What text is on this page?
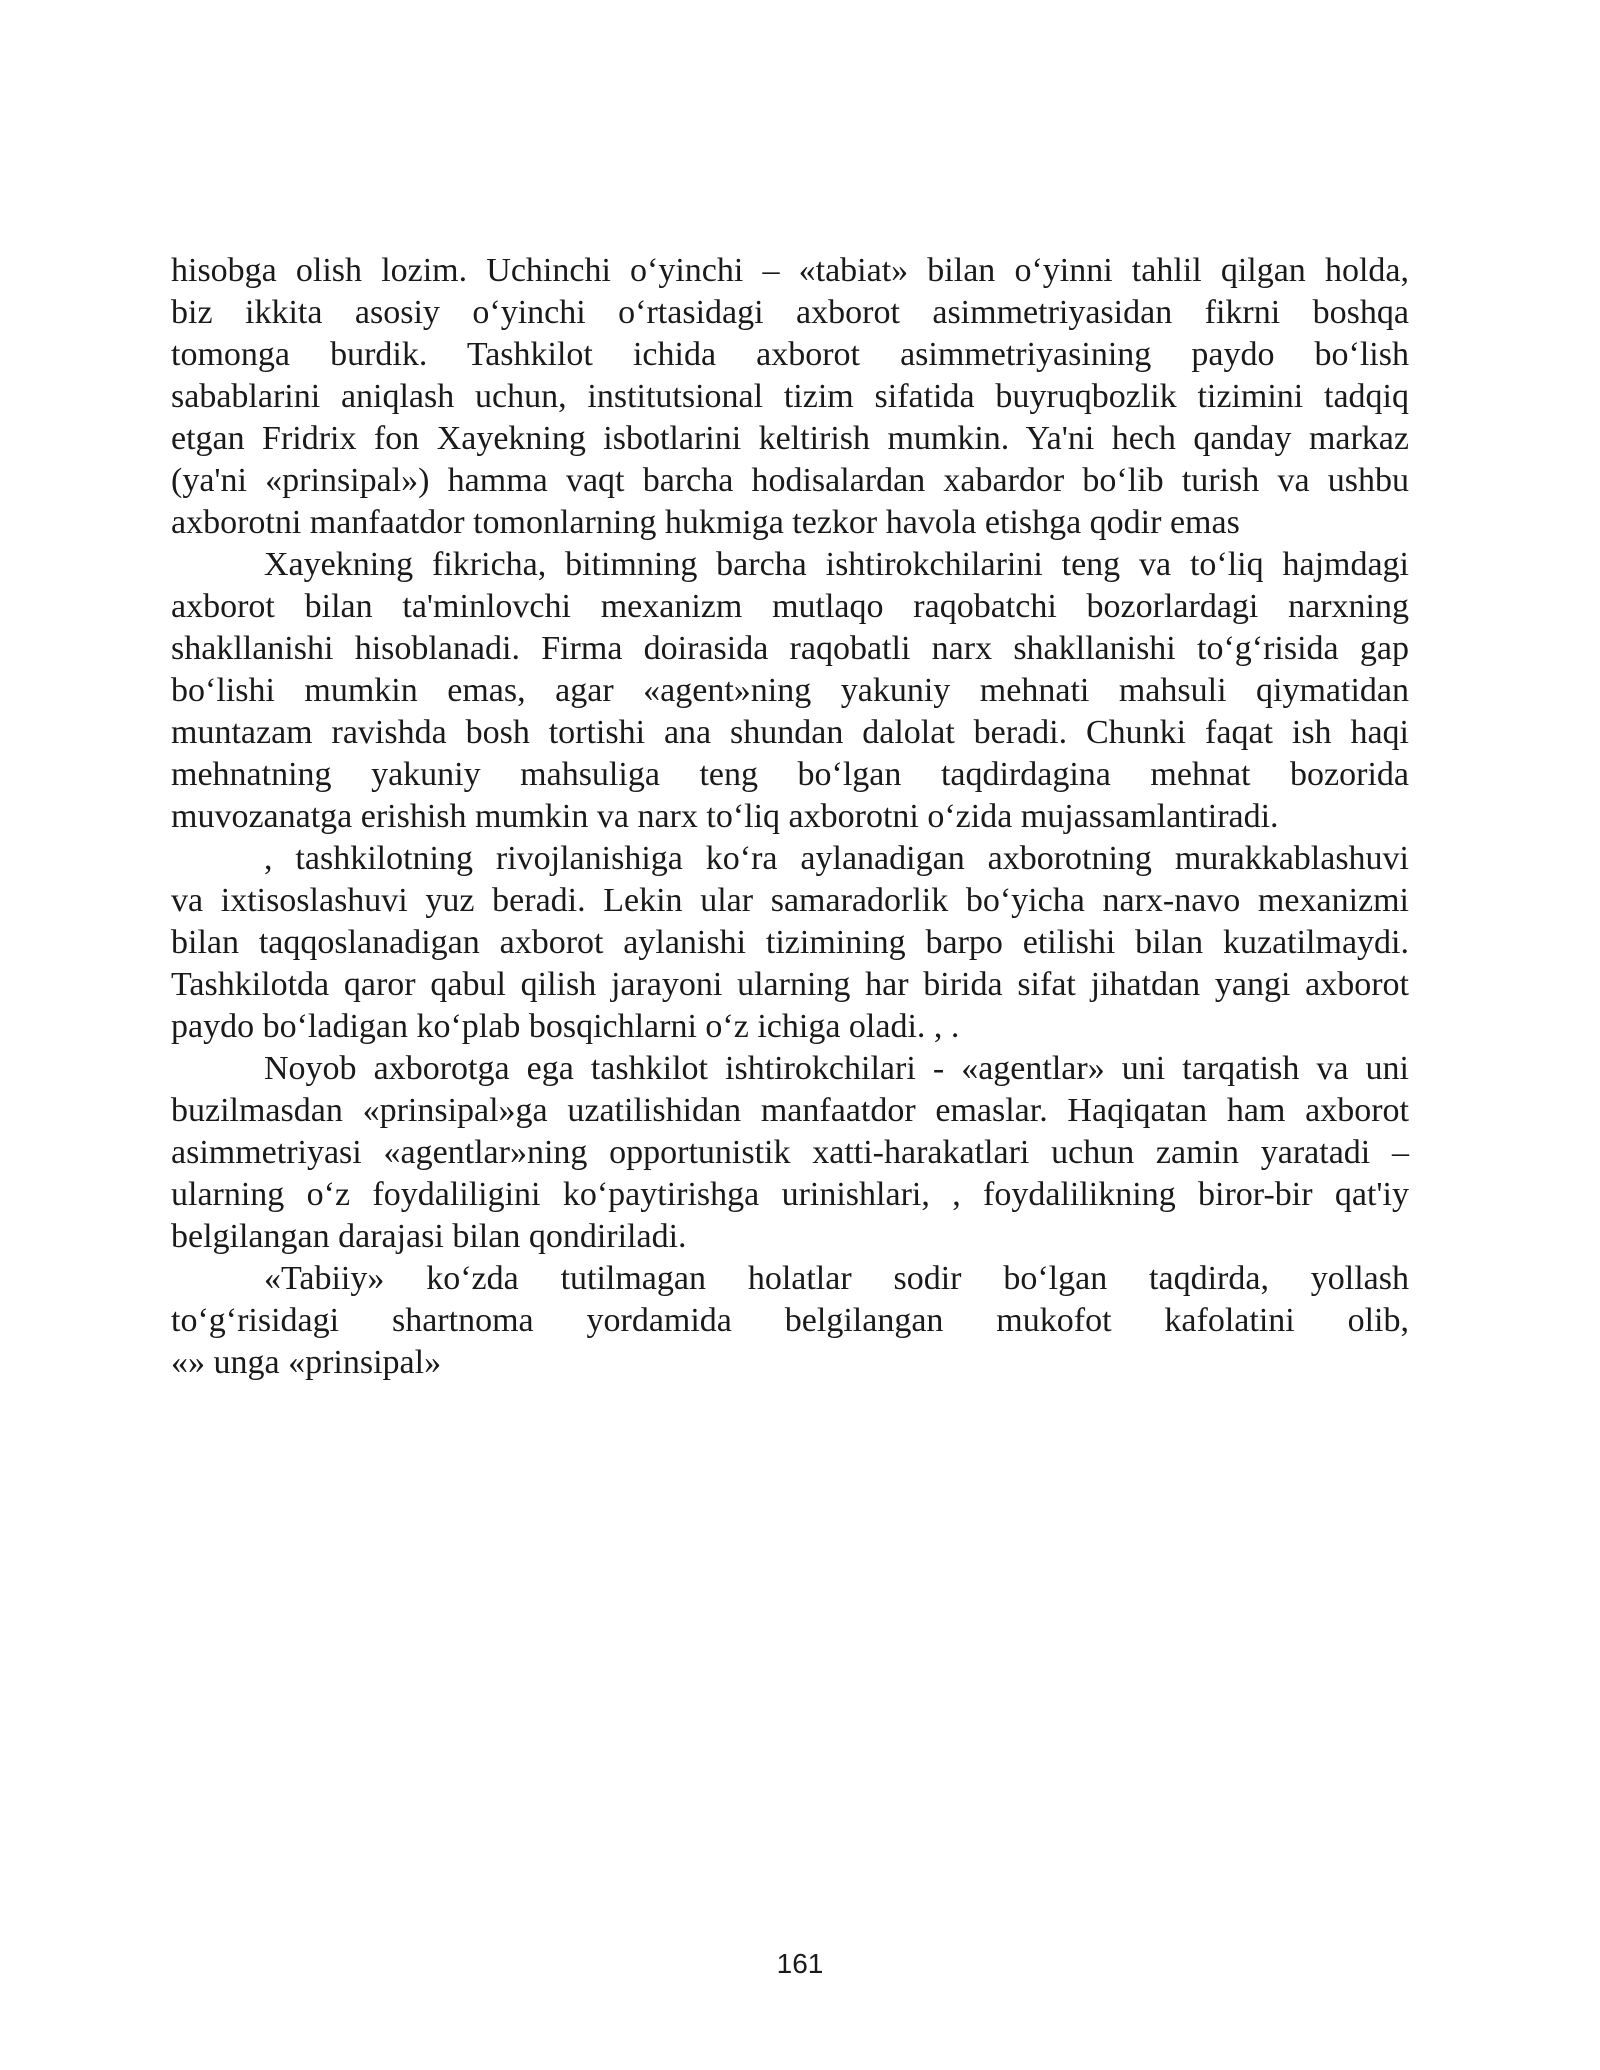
hisobga olish lozim. Uchinchi o‘yinchi – «tabiat» bilan o‘yinni tahlil qilgan holda,
biz ikkita asosiy o‘yinchi o‘rtasidagi axborot asimmetriyasidan fikrni boshqa
tomonga burdik. Tashkilot ichida axborot asimmetriyasining paydo bo‘lish
sabablarini aniqlash uchun, institutsional tizim sifatida buyruqbozlik tizimini tadqiq
etgan Fridrix fon Xayekning isbotlarini keltirish mumkin. Ya'ni hech qanday markaz
(ya'ni «prinsipal») hamma vaqt barcha hodisalardan xabardor bo‘lib turish va ushbu
axborotni manfaatdor tomonlarning hukmiga tezkor havola etishga qodir emas

Xayekning fikricha, bitimning barcha ishtirokchilarini teng va to‘liq hajmdagi
axborot bilan ta'minlovchi mexanizm mutlaqo raqobatchi bozorlardagi narxning
shakllanishi hisoblanadi. Firma doirasida raqobatli narx shakllanishi to‘g‘risida gap
bo‘lishi mumkin emas, agar «agent»ning yakuniy mehnati mahsuli qiymatidan
muntazam ravishda bosh tortishi ana shundan dalolat beradi. Chunki faqat ish haqi
mehnatning yakuniy mahsuliga teng bo‘lgan taqdirdagina mehnat bozorida
muvozanatga erishish mumkin va narx to‘liq axborotni o‘zida mujassamlantiradi.

, tashkilotning rivojlanishiga ko‘ra aylanadigan axborotning murakkablashuvi
va ixtisoslashuvi yuz beradi. Lekin ular samaradorlik bo‘yicha narx-navo mexanizmi
bilan taqqoslanadigan axborot aylanishi tizimining barpo etilishi bilan kuzatilmaydi.
Tashkilotda qaror qabul qilish jarayoni ularning har birida sifat jihatdan yangi axborot
paydo bo‘ladigan ko‘plab bosqichlarni o‘z ichiga oladi. , .

Noyob axborotga ega tashkilot ishtirokchilari - «agentlar» uni tarqatish va uni
buzilmasdan «prinsipal»ga uzatilishidan manfaatdor emaslar. Haqiqatan ham axborot
asimmetriyasi «agentlar»ning opportunistik xatti-harakatlari uchun zamin yaratadi –
ularning o‘z foydaliligini ko‘paytirishga urinishlari, , foydalilikning biror-bir qat'iy
belgilangan darajasi bilan qondiriladi.

«Tabiiy» ko‘zda tutilmagan holatlar sodir bo‘lgan taqdirda, yollash
to‘g‘risidagi shartnoma yordamida belgilangan mukofot kafolatini olib,
«» unga «prinsipal»

161
